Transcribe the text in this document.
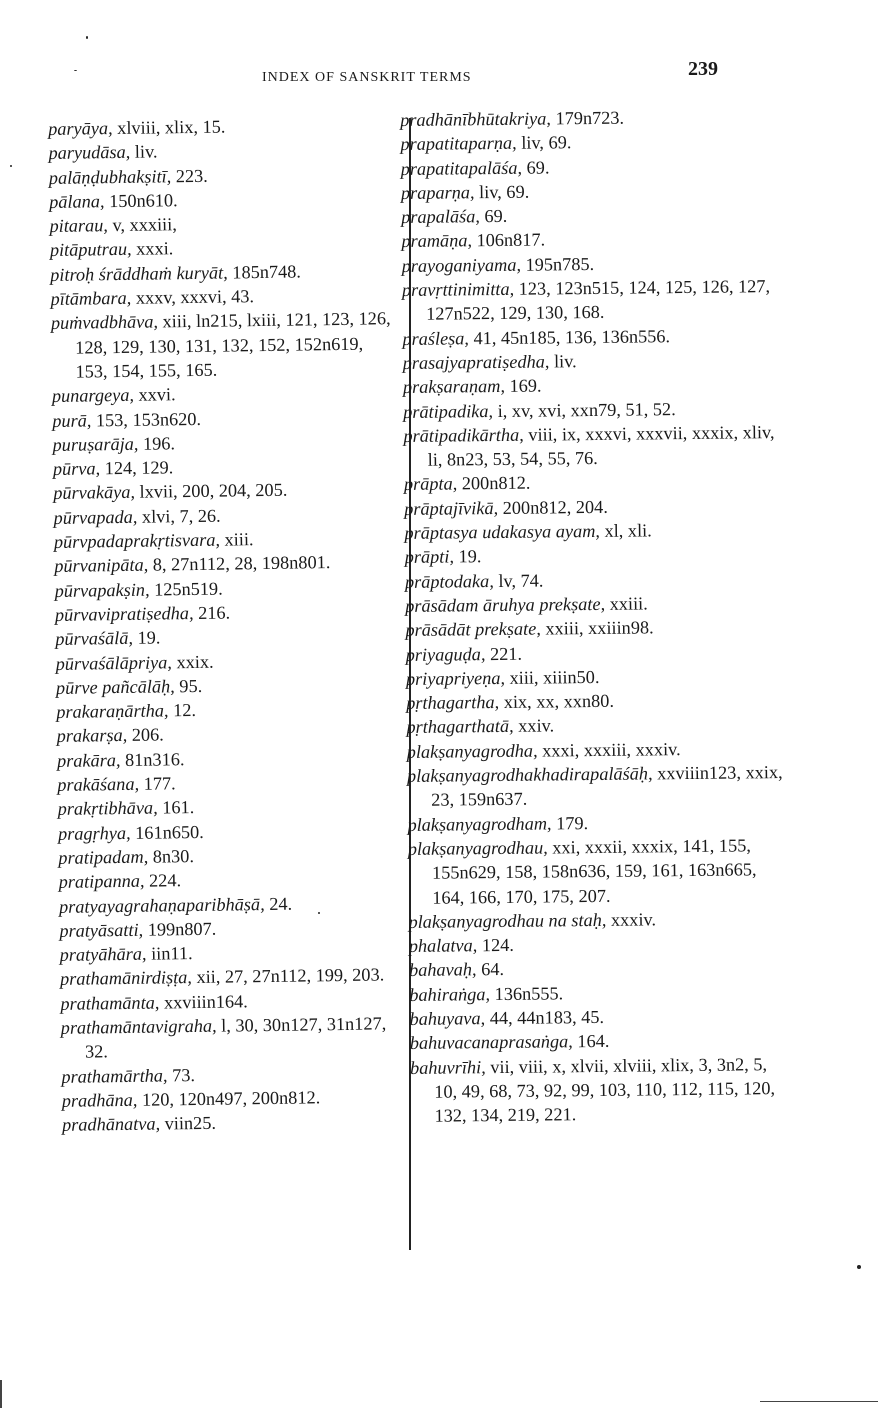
INDEX OF SANSKRIT TERMS	239
paryāya, xlviii, xlix, 15.
paryudāsa, liv.
palāṇḍubhakṣitī, 223.
pālana, 150n610.
pitarau, v, xxxiii,
pitāputrau, xxxi.
pitroḥ śrāddhaṁ kuryāt, 185n748.
pītāmbara, xxxv, xxxvi, 43.
puṁvadbhāva, xiii, ln215, lxiii, 121, 123, 126, 128, 129, 130, 131, 132, 152, 152n619, 153, 154, 155, 165.
punargeya, xxvi.
purā, 153, 153n620.
puruṣarāja, 196.
pūrva, 124, 129.
pūrvakāya, lxvii, 200, 204, 205.
pūrvapada, xlvi, 7, 26.
pūrvpadaprakṛtisvara, xiii.
pūrvanipāta, 8, 27n112, 28, 198n801.
pūrvapakṣin, 125n519.
pūrvavipratiṣedha, 216.
pūrvaśālā, 19.
pūrvaśālāpriya, xxix.
pūrve pañcālāḥ, 95.
prakaraṇārtha, 12.
prakarṣa, 206.
prakāra, 81n316.
prakāśana, 177.
prakṛtibhāva, 161.
pragṛhya, 161n650.
pratipadam, 8n30.
pratipanna, 224.
pratyayagrahaṇaparibhāṣā, 24.
pratyāsatti, 199n807.
pratyāhāra, iin11.
prathamānirdiṣṭa, xii, 27, 27n112, 199, 203.
prathamānta, xxviiin164.
prathamāntavigraha, l, 30, 30n127, 31n127, 32.
prathamārtha, 73.
pradhāna, 120, 120n497, 200n812.
pradhānatva, viin25.
pradhānībhūtakriya, 179n723.
prapatitaparṇa, liv, 69.
prapatitapalāśa, 69.
praparṇa, liv, 69.
prapalāśa, 69.
pramāṇa, 106n817.
prayoganiyama, 195n785.
pravṛttinimitta, 123, 123n515, 124, 125, 126, 127, 127n522, 129, 130, 168.
praśleṣa, 41, 45n185, 136, 136n556.
prasajyapratiṣedha, liv.
prakṣaraṇam, 169.
prātipadika, i, xv, xvi, xxn79, 51, 52.
prātipadikārtha, viii, ix, xxxvi, xxxvii, xxxix, xliv, li, 8n23, 53, 54, 55, 76.
prāpta, 200n812.
prāptajīvikā, 200n812, 204.
prāptasya udakasya ayam, xl, xli.
prāpti, 19.
prāptodaka, lv, 74.
prāsādam āruhya prekṣate, xxiii.
prāsādāt prekṣate, xxiii, xxiiin98.
priyaguḍa, 221.
priyapriyeṇa, xiii, xiiin50.
pṛthagartha, xix, xx, xxn80.
pṛthagarthatā, xxiv.
plakṣanyagrodha, xxxi, xxxiii, xxxiv.
plakṣanyagrodhakhadirapalāśāḥ, xxviiin123, xxix, 23, 159n637.
plakṣanyagrodham, 179.
plakṣanyagrodhau, xxi, xxxii, xxxix, 141, 155, 155n629, 158, 158n636, 159, 161, 163n665, 164, 166, 170, 175, 207.
plakṣanyagrodhau na staḥ, xxxiv.
phalatva, 124.
bahavaḥ, 64.
bahiraṅga, 136n555.
bahuyava, 44, 44n183, 45.
bahuvacanaprasaṅga, 164.
bahuvrīhi, vii, viii, x, xlvii, xlviii, xlix, 3, 3n2, 5, 10, 49, 68, 73, 92, 99, 103, 110, 112, 115, 120, 132, 134, 219, 221.
